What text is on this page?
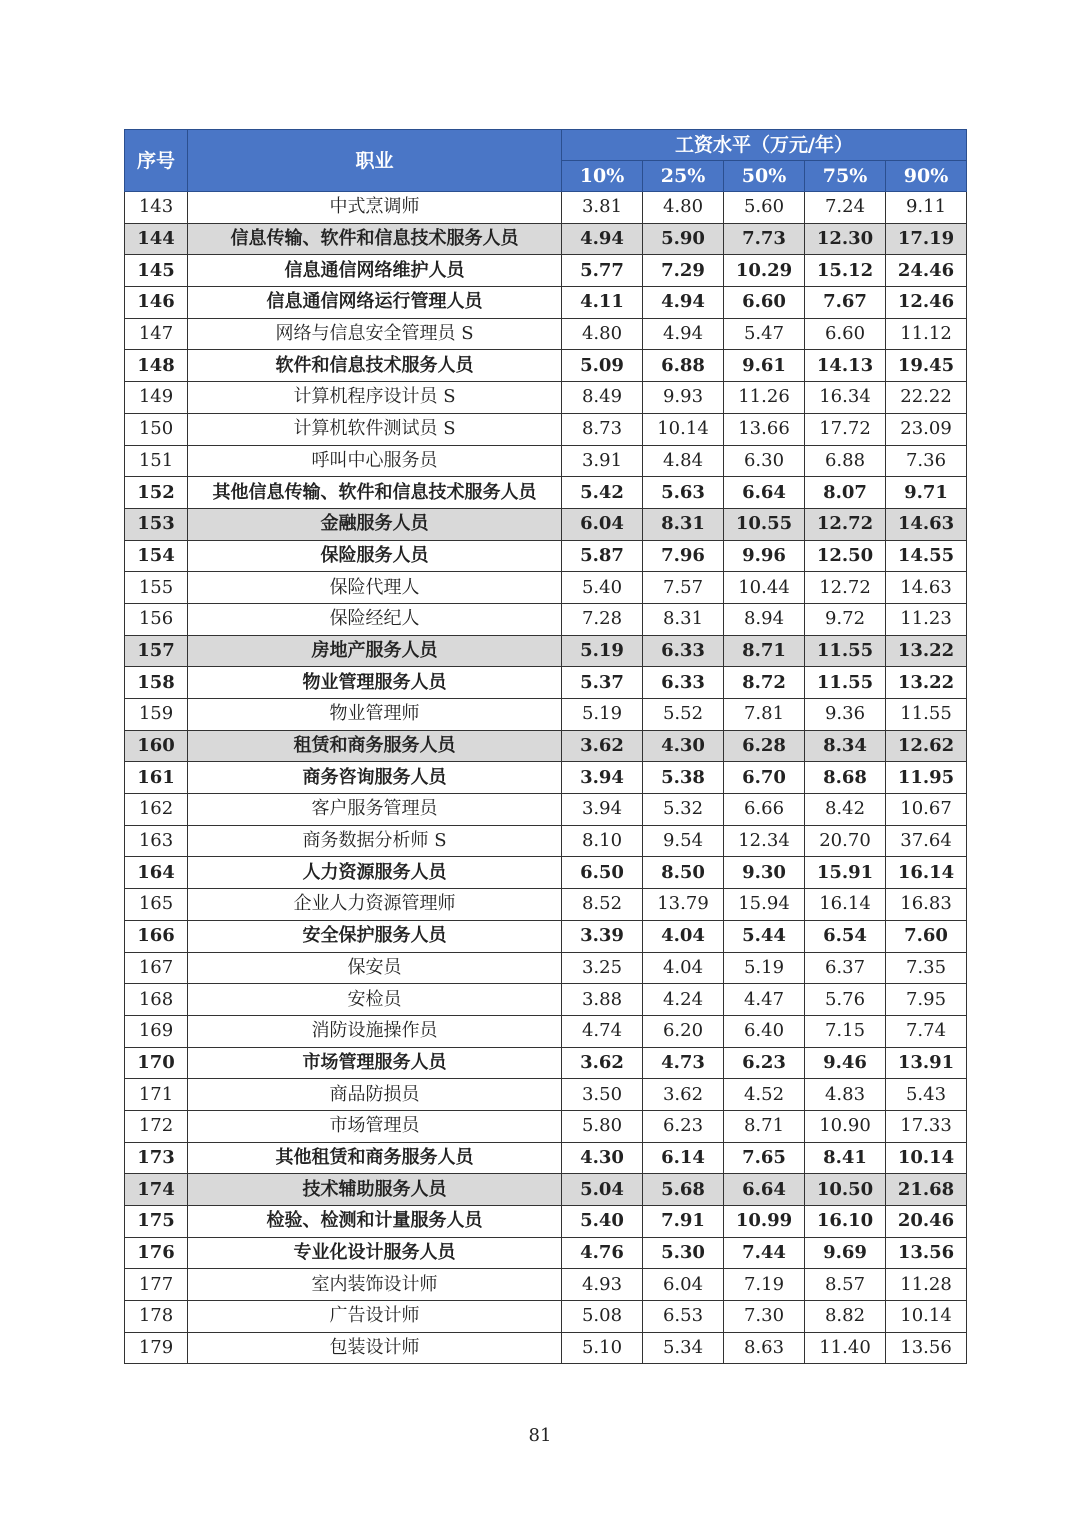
序号	职业	工资水平（万元/年）				
		10%	25%	50%	75%	90%
143	中式烹调师	3.81	4.80	5.60	7.24	9.11
144	信息传输、软件和信息技术服务人员	4.94	5.90	7.73	12.30	17.19
145	信息通信网络维护人员	5.77	7.29	10.29	15.12	24.46
146	信息通信网络运行管理人员	4.11	4.94	6.60	7.67	12.46
147	网络与信息安全管理员 S	4.80	4.94	5.47	6.60	11.12
148	软件和信息技术服务人员	5.09	6.88	9.61	14.13	19.45
149	计算机程序设计员 S	8.49	9.93	11.26	16.34	22.22
150	计算机软件测试员 S	8.73	10.14	13.66	17.72	23.09
151	呼叫中心服务员	3.91	4.84	6.30	6.88	7.36
152	其他信息传输、软件和信息技术服务人员	5.42	5.63	6.64	8.07	9.71
153	金融服务人员	6.04	8.31	10.55	12.72	14.63
154	保险服务人员	5.87	7.96	9.96	12.50	14.55
155	保险代理人	5.40	7.57	10.44	12.72	14.63
156	保险经纪人	7.28	8.31	8.94	9.72	11.23
157	房地产服务人员	5.19	6.33	8.71	11.55	13.22
158	物业管理服务人员	5.37	6.33	8.72	11.55	13.22
159	物业管理师	5.19	5.52	7.81	9.36	11.55
160	租赁和商务服务人员	3.62	4.30	6.28	8.34	12.62
161	商务咨询服务人员	3.94	5.38	6.70	8.68	11.95
162	客户服务管理员	3.94	5.32	6.66	8.42	10.67
163	商务数据分析师 S	8.10	9.54	12.34	20.70	37.64
164	人力资源服务人员	6.50	8.50	9.30	15.91	16.14
165	企业人力资源管理师	8.52	13.79	15.94	16.14	16.83
166	安全保护服务人员	3.39	4.04	5.44	6.54	7.60
167	保安员	3.25	4.04	5.19	6.37	7.35
168	安检员	3.88	4.24	4.47	5.76	7.95
169	消防设施操作员	4.74	6.20	6.40	7.15	7.74
170	市场管理服务人员	3.62	4.73	6.23	9.46	13.91
171	商品防损员	3.50	3.62	4.52	4.83	5.43
172	市场管理员	5.80	6.23	8.71	10.90	17.33
173	其他租赁和商务服务人员	4.30	6.14	7.65	8.41	10.14
174	技术辅助服务人员	5.04	5.68	6.64	10.50	21.68
175	检验、检测和计量服务人员	5.40	7.91	10.99	16.10	20.46
176	专业化设计服务人员	4.76	5.30	7.44	9.69	13.56
177	室内装饰设计师	4.93	6.04	7.19	8.57	11.28
178	广告设计师	5.08	6.53	7.30	8.82	10.14
179	包装设计师	5.10	5.34	8.63	11.40	13.56
81
